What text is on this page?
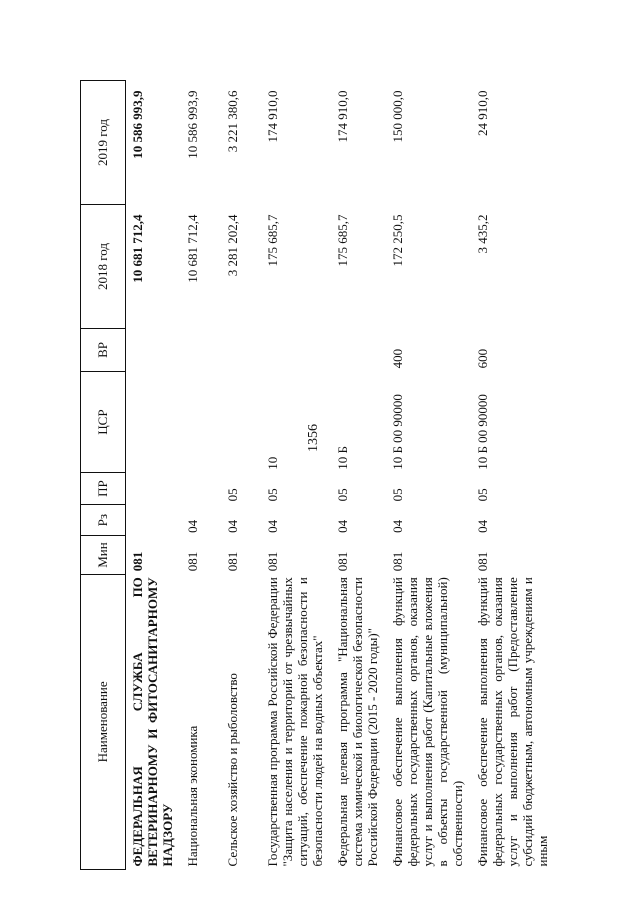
1356
Наименование	Мин	Рз	ПР	ЦСР	ВР	2018 год	2019 год
ФЕДЕРАЛЬНАЯ СЛУЖБА ПО ВЕТЕРИНАРНОМУ И ФИТОСАНИТАРНОМУ НАДЗОРУ	081					10 681 712,4	10 586 993,9
Национальная экономика	081	04				10 681 712,4	10 586 993,9
Сельское хозяйство и рыболовство	081	04	05			3 281 202,4	3 221 380,6
Государственная программа Российской Федерации "Защита населения и территорий от чрезвычайных ситуаций, обеспечение пожарной безопасности и безопасности людей на водных объектах"	081	04	05	10		175 685,7	174 910,0
Федеральная целевая программа "Национальная система химической и биологической безопасности Российской Федерации (2015 - 2020 годы)"	081	04	05	10 Б		175 685,7	174 910,0
Финансовое обеспечение выполнения функций федеральных государственных органов, оказания услуг и выполнения работ (Капитальные вложения в объекты государственной (муниципальной) собственности)	081	04	05	10 Б 00 90000	400	172 250,5	150 000,0
Финансовое обеспечение выполнения функций федеральных государственных органов, оказания услуг и выполнения работ (Предоставление субсидий бюджетным, автономным учреждениям и иным	081	04	05	10 Б 00 90000	600	3 435,2	24 910,0
